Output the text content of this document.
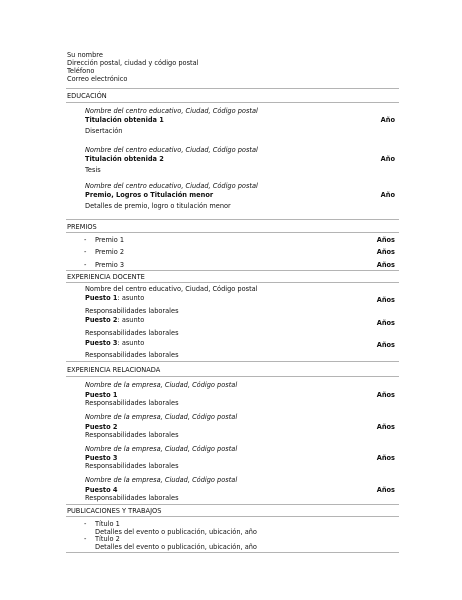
Su nombre
Dirección postal, ciudad y código postal
Teléfono
Correo electrónico
EDUCACIÓN
Nombre del centro educativo, Ciudad, Código postal
Titulación obtenida 1	Año
Disertación
Nombre del centro educativo, Ciudad, Código postal
Titulación obtenida 2	Año
Tesis
Nombre del centro educativo, Ciudad, Código postal
Premio, Logros o Titulación menor	Año
Detalles de premio, logro o titulación menor
PREMIOS
- Premio 1	Años
- Premio 2	Años
- Premio 3	Años
EXPERIENCIA DOCENTE
Nombre del centro educativo, Ciudad, Código postal
Puesto 1: asunto	Años
Responsabilidades laborales
Puesto 2: asunto	Años
Responsabilidades laborales
Puesto 3: asunto	Años
Responsabilidades laborales
EXPERIENCIA RELACIONADA
Nombre de la empresa, Ciudad, Código postal
Puesto 1	Años
Responsabilidades laborales
Nombre de la empresa, Ciudad, Código postal
Puesto 2	Años
Responsabilidades laborales
Nombre de la empresa, Ciudad, Código postal
Puesto 3	Años
Responsabilidades laborales
Nombre de la empresa, Ciudad, Código postal
Puesto 4	Años
Responsabilidades laborales
PUBLICACIONES Y TRABAJOS
- Título 1
Detalles del evento o publicación, ubicación, año
- Título 2
Detalles del evento o publicación, ubicación, año
